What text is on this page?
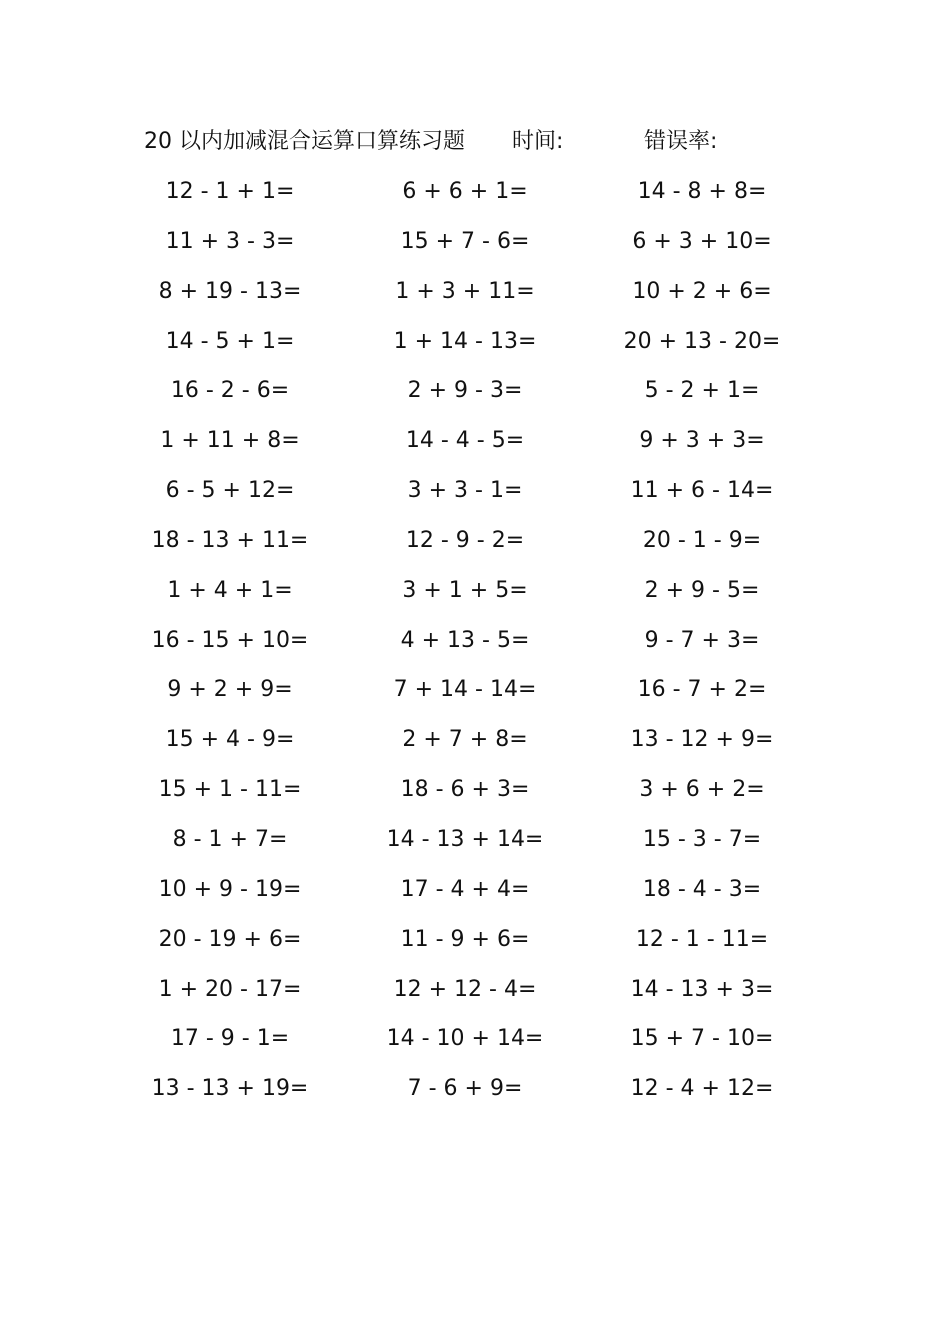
20 以内加减混合运算口算练习题 时间:	错误率:
12 - 1 + 1=	6 + 6 + 1=	14 - 8 + 8=
11 + 3 - 3=	15 + 7 - 6=	6 + 3 + 10=
8 + 19 - 13=	1 + 3 + 11=	10 + 2 + 6=
14 - 5 + 1=	1 + 14 - 13=	20 + 13 - 20=
16 - 2 - 6=	2 + 9 - 3=	5 - 2 + 1=
1 + 11 + 8=	14 - 4 - 5=	9 + 3 + 3=
6 - 5 + 12=	3 + 3 - 1=	11 + 6 - 14=
18 - 13 + 11=	12 - 9 - 2=	20 - 1 - 9=
1 + 4 + 1=	3 + 1 + 5=	2 + 9 - 5=
16 - 15 + 10=	4 + 13 - 5=	9 - 7 + 3=
9 + 2 + 9=	7 + 14 - 14=	16 - 7 + 2=
15 + 4 - 9=	2 + 7 + 8=	13 - 12 + 9=
15 + 1 - 11=	18 - 6 + 3=	3 + 6 + 2=
8 - 1 + 7=	14 - 13 + 14=	15 - 3 - 7=
10 + 9 - 19=	17 - 4 + 4=	18 - 4 - 3=
20 - 19 + 6=	11 - 9 + 6=	12 - 1 - 11=
1 + 20 - 17=	12 + 12 - 4=	14 - 13 + 3=
17 - 9 - 1=	14 - 10 + 14=	15 + 7 - 10=
13 - 13 + 19=	7 - 6 + 9=	12 - 4 + 12=
